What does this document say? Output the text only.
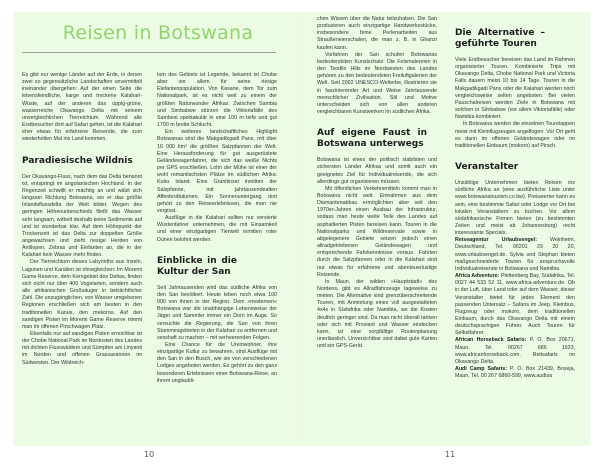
Reisen in Botswana

Es gibt nur wenige Länder auf der Erde, in denen zwei so gegensätzliche Landschaften unvermittelt ineinander übergehen: Auf der einen Seite die lebensfeindliche, karge und trockene Kalahari-Wüste, auf der anderen das üppig-grüne, wasserreiche Okavango Delta mit seinem unvergleichlichen Tierreichtum. Während alle Erstbesucher dort auf Safari gehen, ist die Kalahari eher etwas für erfahrene Reisende, die zum wiederholten Mal ins Land kommen.

Paradiesische Wildnis

Der Okavango-Fluss, nach dem das Delta benannt ist, entspringt im angolanischen Hochland. In der Regenzeit schwillt er mächtig an und wälzt sich langsam Richtung Botswana, wo er das größte Inlandsflussdelta der Welt bildet. Wegen des geringen Höhenunterschieds fließt das Wasser sehr langsam, wirbelt deshalb keine Sedimente auf und ist wunderbar klar. Auf dem Höhepunkt der Trockenzeit ist das Delta zur doppelten Größe angewachsen und zieht riesige Herden von Antilopen, Zebras und Elefanten an, die in der Kalahari kein Wasser mehr finden.

Der Tierreichtum dieses Labyrinths aus Inseln, Lagunen und Kanälen ist ohnegleichen: Im Moremi Game Reserve, dem Kerngebiet des Deltas, finden sich nicht nur über 400 Vogelarten, sondern auch alle afrikanischen Großsäuger in beträchtlicher Zahl. Die unzugänglichen, von Wasser umgebenen Regionen erschließen sich am besten in den traditionellen Kanus, den mekoros. Auf den sandigen Pisten im Moremi Game Reserve nimmt man im offenen Pirschwagen Platz.

Ebenfalls nur auf sandigen Pisten erreichbar ist der Chobe National Park im Nordosten des Landes mit dichten Flusswäldern und Sümpfen am Linyanti im Norden und offenen Grassavannen im Südwesten. Der Wildreich-

tum des Gebiets ist Legende, bekannt ist Chobe aber vor allem für seine riesige Elefantenpopulation. Von Kasane, dem Tor zum Nationalpark, ist es nicht weit zu einem der größten Naturwunder Afrikas: Zwischen Sambia und Simbabwe stürzen die Viktoriafälle des Sambesi spektakulär in eine 100 m tiefe und gut 1700 m breite Schlucht.

Ein weiteres landschaftliches Highlight Botswanas sind die Makgadikgadi Pans, mit über 16 000 km² die größten Salzpfannen der Welt. Eine Herausforderung für gut ausgerüstete Geländewagenfahrer, die sich das weiße Nichts per GPS erschließen. Lohn der Mühe ist einer der wohl romantischsten Plätze im südlichen Afrika: Kubu Island. Eine Granitinsel inmitten der Salzpfanne, mit jahrtausendealten Affenbrotbäumen. Ein Sonnenuntergang dort gehört zu den Reiseerlebnissen, die man nie vergisst.

Ausflüge in die Kalahari sollten nur versierte Wüstenfahrer unternehmen, die mit Einsamkeit und einer einzigartigen Tierwelt inmitten roter Dünen belohnt werden.

Einblicke in die Kultur der San

Seit Jahrtausenden wird das südliche Afrika von den San bevölkert. Heute leben noch etwa 100 000 von ihnen in der Region. Dem »modernen« Botswana war die unabhängige Lebensweise der Jäger und Sammler immer ein Dorn im Auge. So versuchte die Regierung, die San von ihren Stammesgebieten in der Kalahari zu entfernen und sesshaft zu machen – mit verheerenden Folgen.

Eine Chance für die Ureinwohner, ihre einzigartige Kultur zu bewahren, sind Ausflüge mit den San in den Busch, wie sie von verschiedenen Lodges angeboten werden. Es gehört zu den ganz besonderen Erlebnissen einer Botswana-Reise, an ihrem unglaubli-

10

chen Wissen über die Natur teilzuhaben. Die San produzieren auch einzigartige Handwerksstücke, insbesondere feine Perlenarbeiten aus Straußeneierschalen, die man z. B. in Ghanzi kaufen kann.

Vorfahren der San schufen Botswanas bedeutendsten Kunstschatz: Die Felsmalereien in den Tsodilo Hills im Nordwesten des Landes gehören zu den bedeutendsten Freiluftgalerien der Welt. Seit 2002 UNESCO-Welterbe, illustrieren sie in faszinierender Art und Weise Jahrtausende menschlicher Zivilisation. Stil und Motive unterscheiden sich von allen anderen vergleichbaren Kunstwerken im südlichen Afrika.

Auf eigene Faust in Botswana unterwegs

Botswana ist eines der politisch stabilsten und sichersten Länder Afrikas und somit auch ein geeignetes Ziel für Individualreisende, die sich allerdings gut organisieren müssen.

Mit öffentlichen Verkehrsmitteln kommt man in Botswana nicht weit. Einnahmen aus dem Diamantenabbau ermöglichten aber seit den 1970er-Jahren einen Ausbau der Infrastruktur, sodass man heute weite Teile des Landes auf asphaltierten Pisten bereisen kann. Touren in die Nationalparks und Wildreservate sowie in abgelegenere Gebiete setzen jedoch einen allradgetriebenen Geländewagen und entsprechende Fahrkenntnisse voraus. Fahrten durch die Salzpfannen oder in die Kalahari sind nur etwas für erfahrene und abenteuerlustige Reisende.

In Maun, der wilden »Hauptstadt« des Nordens, gibt es Allradfahrzeuge tageweise zu mieten. Die Alternative sind grenzüberschreitende Touren, mit Anmietung eines voll ausgestatteten 4x4s in Südafrika oder Namibia, wo die Kosten deutlich geringer sind. Da man nicht überall tanken oder sich mit Proviant und Wasser eindecken kann, ist eine sorgfältige Routenplanung unerlässlich. Unverzichtbar sind dabei gute Karten und ein GPS-Gerät.

Die Alternative – geführte Touren

Viele Erstbesucher bereisen das Land im Rahmen organisierter Touren. Kombinierte Trips mit Okavango Delta, Chobe National Park und Victoria Falls dauern meist 10 bis 14 Tage. Touren in die Makgadikgadi Pans oder die Kalahari werden noch vergleichsweise selten angeboten. Bei vielen Pauschalreisen werden Ziele in Botswana mit solchen in Simbabwe (vor allem Viktoriafälle) oder Namibia kombiniert.

In Botswana werden die einzelnen Touretappen meist mit Kleinflugzeugen angeflogen. Vor Ort geht es dann im offenen Geländewagen oder im traditionellen Einbaum (mokoro) auf Pirsch.

Veranstalter

Unzählige Unternehmen bieten Reisen ins südliche Afrika an (eine ausführliche Liste unter www.botswanatourism.co.bw). Preiswerter kann es sein, eine bestimmte Safari oder Lodge vor Ort bei lokalen Veranstaltern zu buchen. Vor allem südafrikanische Firmen bieten (zu bestimmten Zeiten und meist ab Johannesburg) recht interessante Specials.

Reiseagentur Urlaubsengel: Weinheim, Deutschland, Tel. 06201 29 20 20, www.urlaubsengel.de. Sylvia und Stephan bieten maßgeschneiderte Touren für anspruchsvolle Individualreisende in Botswana und Namibia.

Africa Adventure: Plettenberg Bay, Südafrika, Tel. 0027 44 533 52 11, www.africa-adventure.de. Ob in der Luft, über Land oder auf dem Wasser, dieser Veranstalter bietet für jedes Element den passenden Untersatz – Safaris im Jeep, Kleinbus, Flugzeug oder mokoro, dem traditionellen Einbaum, durch das Okavango Delta mit einem deutschsprachigen Führer. Auch Touren für Selbstfahrer.

African Horseback Safaris: P. O. Box 20671, Maun, Tel. 00267 686 1523, www.africanhorseback.com. Reitsafaris im Okavango Delta.

Audi Camp Safaris: P. O. Box 21439, Boseja, Maun, Tel. 00 267 6860-599, www.audisa

11
